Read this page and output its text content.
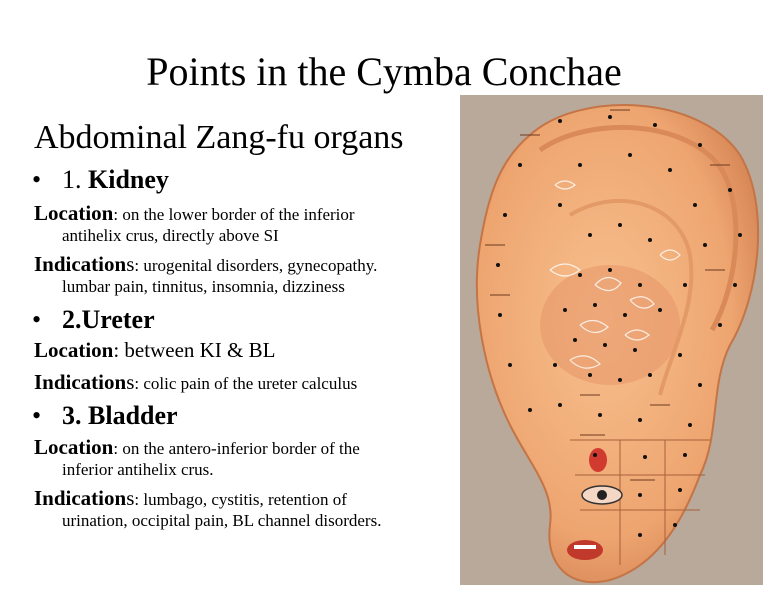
Points in the Cymba Conchae
Abdominal Zang-fu organs
• 1. Kidney
Location: on the lower border of the inferior
antihelix crus, directly above SI
Indications: urogenital disorders, gynecopathy.
lumbar pain, tinnitus, insomnia, dizziness
• 2.Ureter
Location: between KI & BL
Indications: colic pain of the ureter calculus
• 3. Bladder
Location: on the antero-inferior border of the
inferior antihelix crus.
Indications: lumbago, cystitis, retention of
urination, occipital pain, BL channel disorders.
